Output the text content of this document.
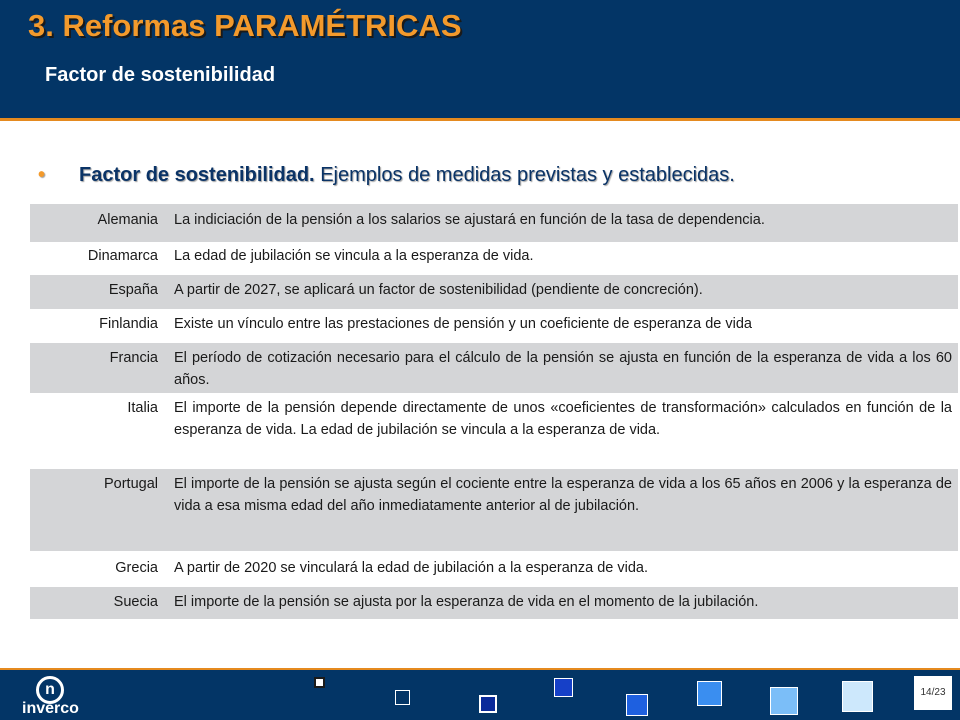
3. Reformas PARAMÉTRICAS
Factor de sostenibilidad
• Factor de sostenibilidad. Ejemplos de medidas previstas y establecidas.
Alemania	La indiciación de la pensión a los salarios se ajustará en función de la tasa de dependencia.
Dinamarca	La edad de jubilación se vincula a la esperanza de vida.
España	A partir de 2027, se aplicará un factor de sostenibilidad (pendiente de concreción).
Finlandia	Existe un vínculo entre las prestaciones de pensión y un coeficiente de esperanza de vida
Francia	El período de cotización necesario para el cálculo de la pensión se ajusta en función de la esperanza de vida a los 60 años.
Italia	El importe de la pensión depende directamente de unos «coeficientes de transformación» calculados en función de la esperanza de vida. La edad de jubilación se vincula a la esperanza de vida.
Portugal	El importe de la pensión se ajusta según el cociente entre la esperanza de vida a los 65 años en 2006 y la esperanza de vida a esa misma edad del año inmediatamente anterior al de jubilación.
Grecia	A partir de 2020 se vinculará la edad de jubilación a la esperanza de vida.
Suecia	El importe de la pensión se ajusta por la esperanza de vida en el momento de la jubilación.
n
inverco
14/23
